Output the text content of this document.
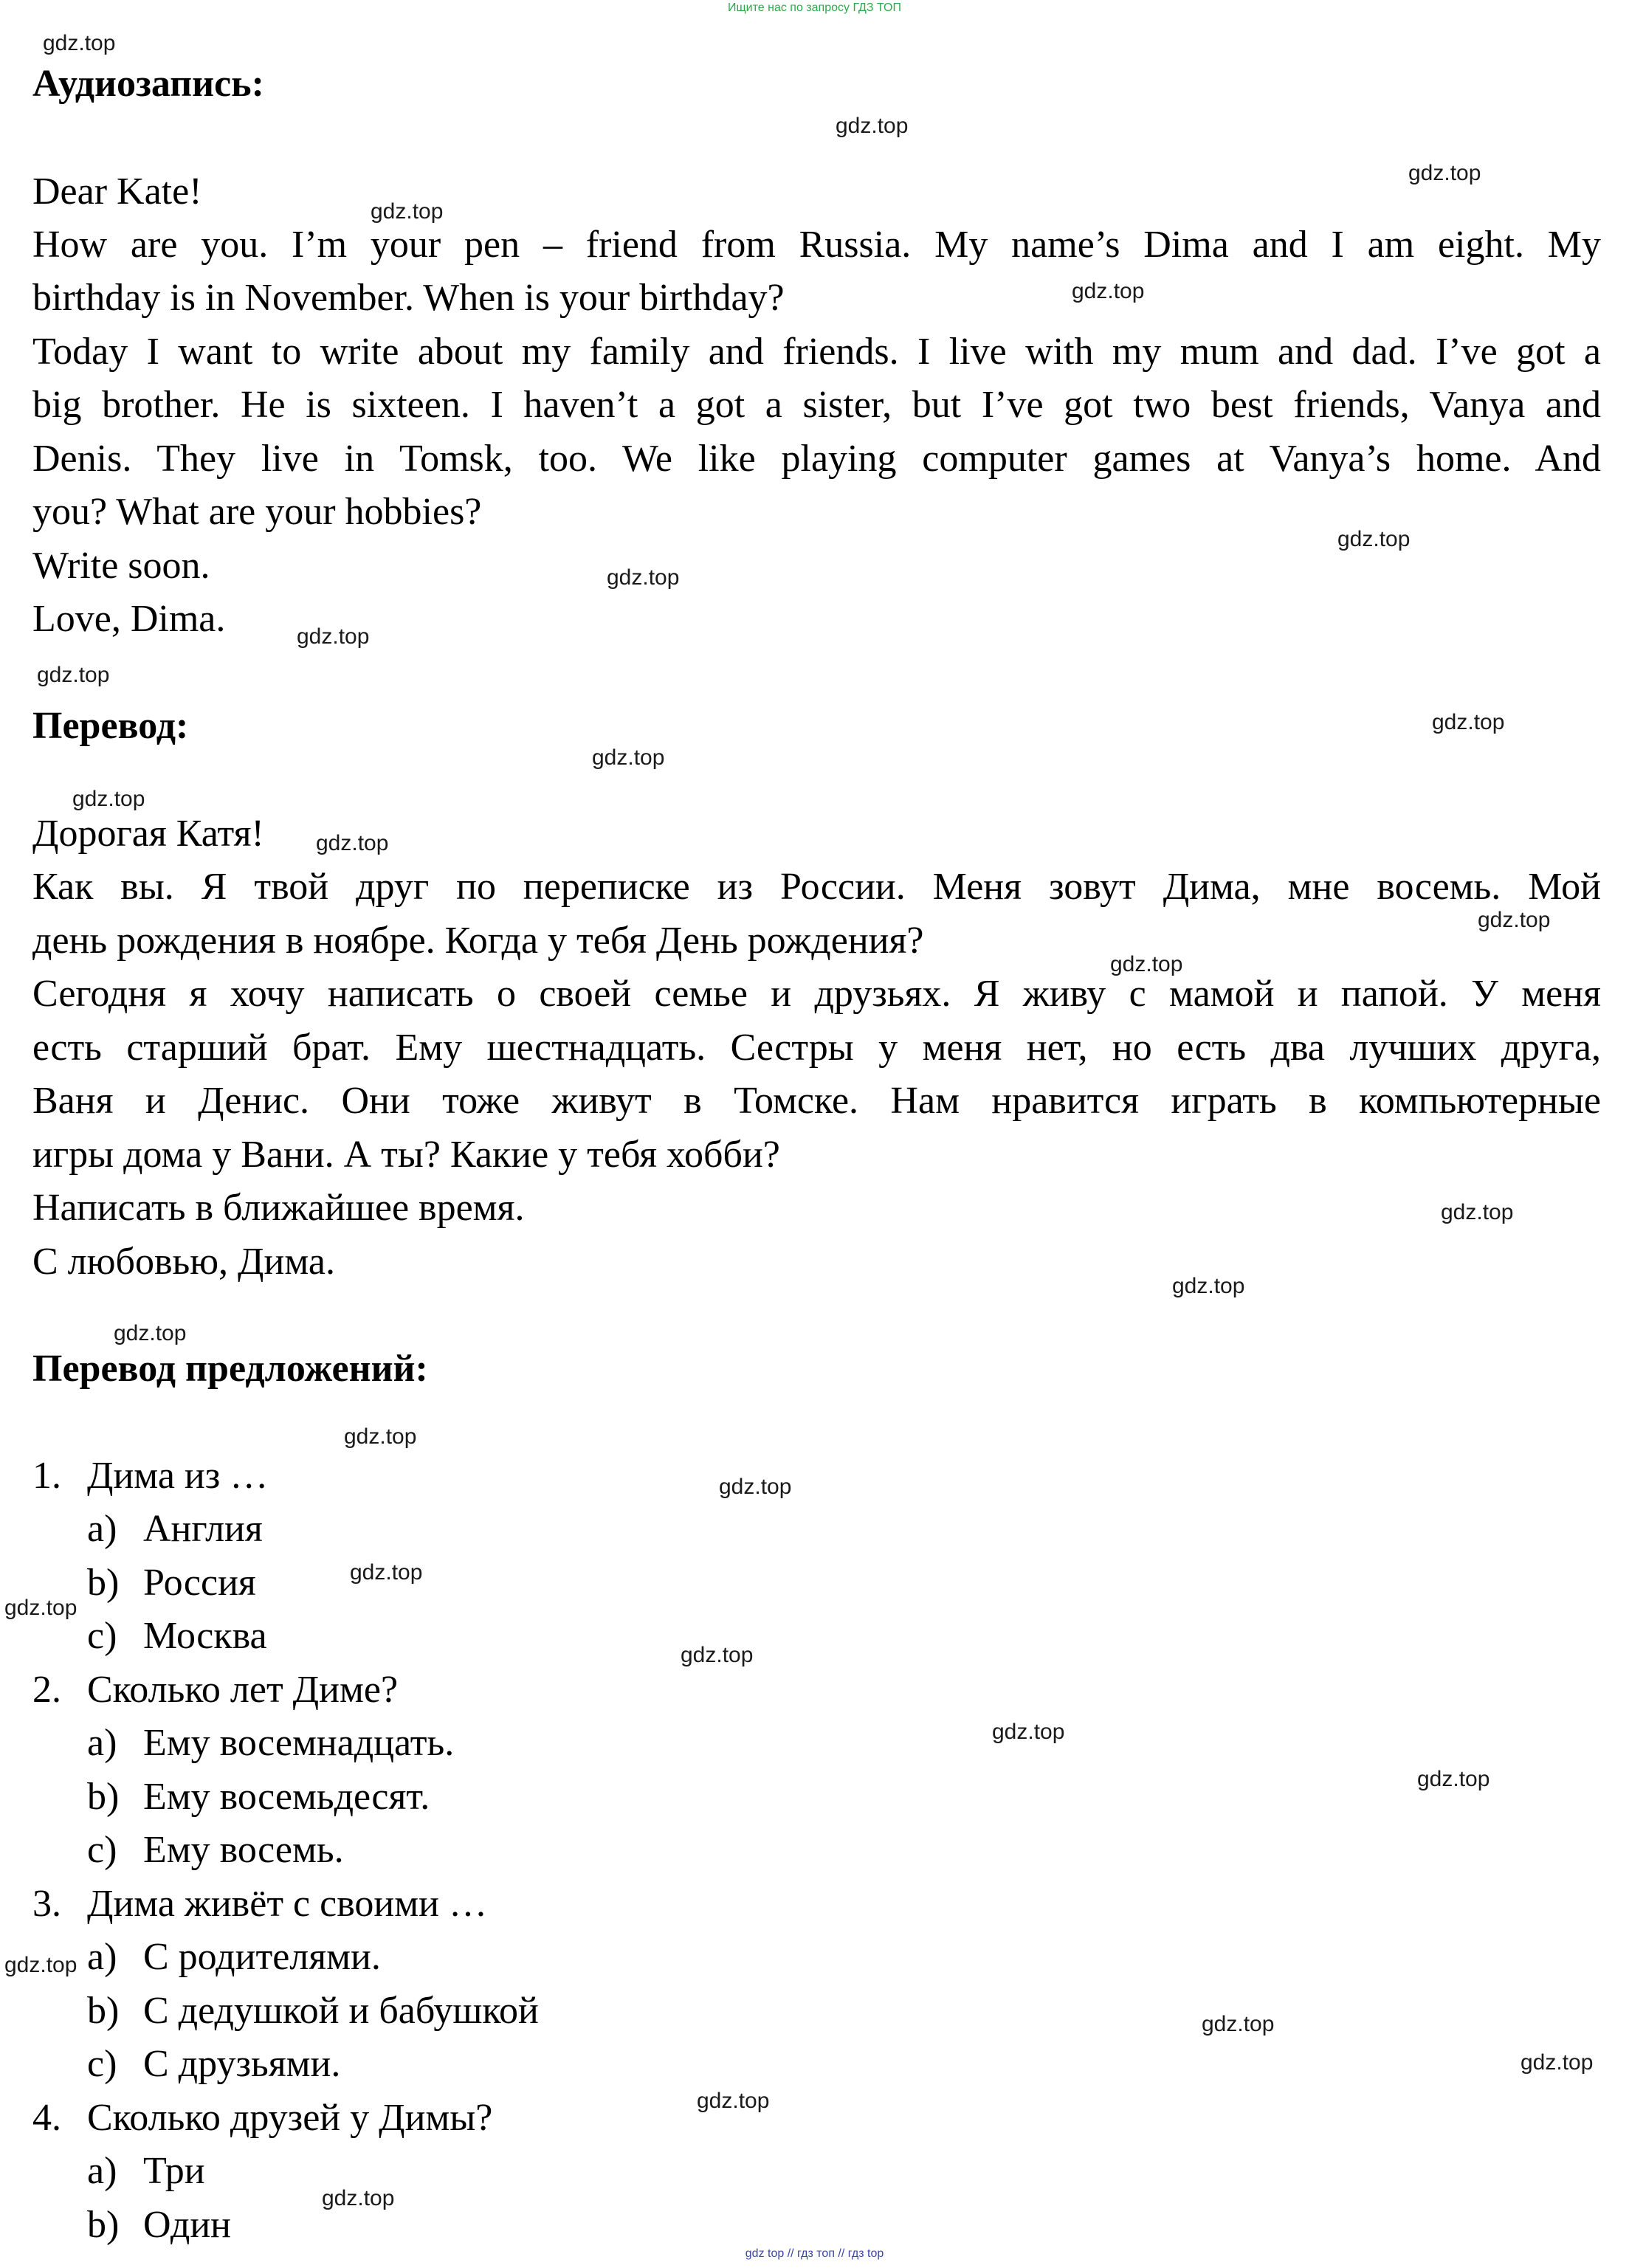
Ищите нас по запросу ГДЗ ТОП
Аудиозапись:
Dear Kate!
How are you. I’m your pen – friend from Russia. My name’s Dima and I am eight. My
birthday is in November. When is your birthday?
Today I want to write about my family and friends. I live with my mum and dad. I’ve got a
big brother. He is sixteen. I haven’t a got a sister, but I’ve got two best friends, Vanya and
Denis. They live in Tomsk, too. We like playing computer games at Vanya’s home. And
you? What are your hobbies?
Write soon.
Love, Dima.
Перевод:
Дорогая Катя!
Как вы. Я твой друг по переписке из России. Меня зовут Дима, мне восемь. Мой
день рождения в ноябре. Когда у тебя День рождения?
Сегодня я хочу написать о своей семье и друзьях. Я живу с мамой и папой. У меня
есть старший брат. Ему шестнадцать. Сестры у меня нет, но есть два лучших друга,
Ваня и Денис. Они тоже живут в Томске. Нам нравится играть в компьютерные
игры дома у Вани. А ты? Какие у тебя хобби?
Написать в ближайшее время.
С любовью, Дима.
Перевод предложений:
1. Дима из …
a) Англия
b) Россия
c) Москва
2. Сколько лет Диме?
a) Ему восемнадцать.
b) Ему восемьдесят.
c) Ему восемь.
3. Дима живёт с своими …
a) С родителями.
b) С дедушкой и бабушкой
c) С друзьями.
4. Сколько друзей у Димы?
a) Три
b) Один
gdz.top
gdz.top
gdz.top
gdz.top
gdz.top
gdz.top
gdz.top
gdz.top
gdz.top
gdz.top
gdz.top
gdz.top
gdz.top
gdz.top
gdz.top
gdz.top
gdz.top
gdz.top
gdz.top
gdz.top
gdz.top
gdz.top
gdz.top
gdz.top
gdz.top
gdz.top
gdz.top
gdz.top
gdz.top
gdz.top
gdz top // гдз топ // гдз top
